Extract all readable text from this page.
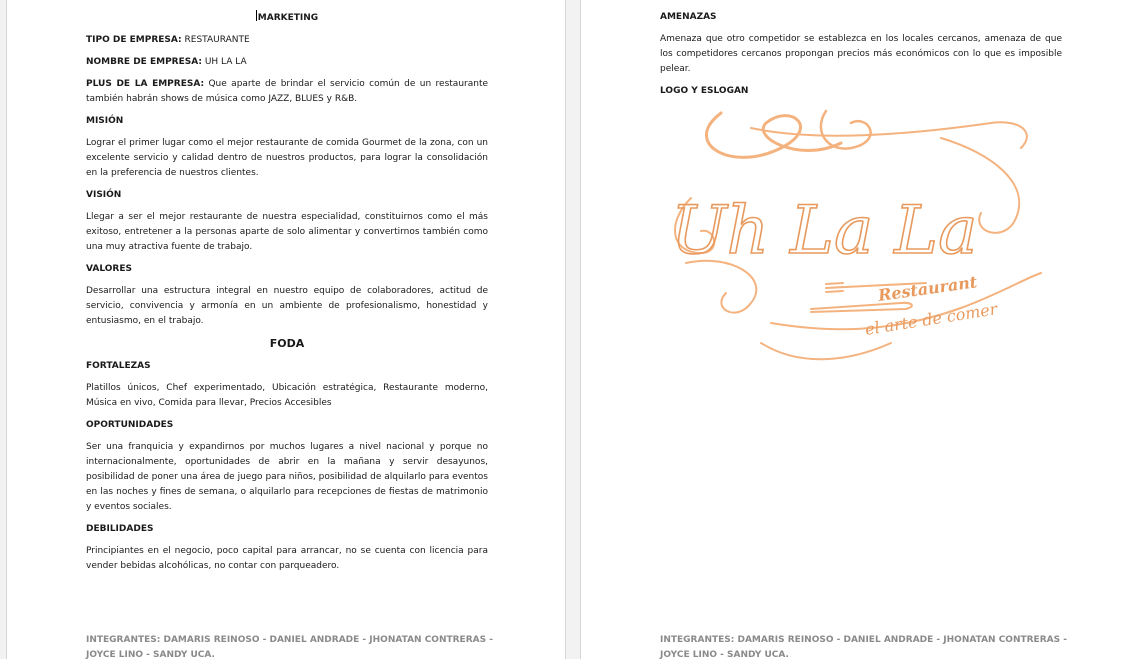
MARKETING
TIPO DE EMPRESA: RESTAURANTE
NOMBRE DE EMPRESA: UH LA LA
PLUS DE LA EMPRESA: Que aparte de brindar el servicio común de un restaurante también habrán shows de música como JAZZ, BLUES y R&B.
MISIÓN
Lograr el primer lugar como el mejor restaurante de comida Gourmet de la zona, con un excelente servicio y calidad dentro de nuestros productos, para lograr la consolidación en la preferencia de nuestros clientes.
VISIÓN
Llegar a ser el mejor restaurante de nuestra especialidad, constituirnos como el más exitoso, entretener a la personas aparte de solo alimentar y convertirnos también como una muy atractiva fuente de trabajo.
VALORES
Desarrollar una estructura integral en nuestro equipo de colaboradores, actitud de servicio, convivencia y armonía en un ambiente de profesionalismo, honestidad y entusiasmo, en el trabajo.
FODA
FORTALEZAS
Platillos únicos, Chef experimentado, Ubicación estratégica, Restaurante moderno, Música en vivo, Comida para llevar, Precios Accesibles
OPORTUNIDADES
Ser una franquicia y expandirnos por muchos lugares a nivel nacional y porque no internacionalmente, oportunidades de abrir en la mañana y servir desayunos, posibilidad de poner una área de juego para niños, posibilidad de alquilarlo para eventos en las noches y fines de semana, o alquilarlo para recepciones de fiestas de matrimonio y eventos sociales.
DEBILIDADES
Principiantes en el negocio, poco capital para arrancar, no se cuenta con licencia para vender bebidas alcohólicas, no contar con parqueadero.
INTEGRANTES: DAMARIS REINOSO - DANIEL ANDRADE - JHONATAN CONTRERAS -
JOYCE LINO - SANDY UCA.
AMENAZAS
Amenaza que otro competidor se establezca en los locales cercanos, amenaza de que los competidores cercanos propongan precios más económicos con lo que es imposible pelear.
LOGO Y ESLOGAN
Uh La La
Restaurant
el arte de comer
INTEGRANTES: DAMARIS REINOSO - DANIEL ANDRADE - JHONATAN CONTRERAS -
JOYCE LINO - SANDY UCA.
